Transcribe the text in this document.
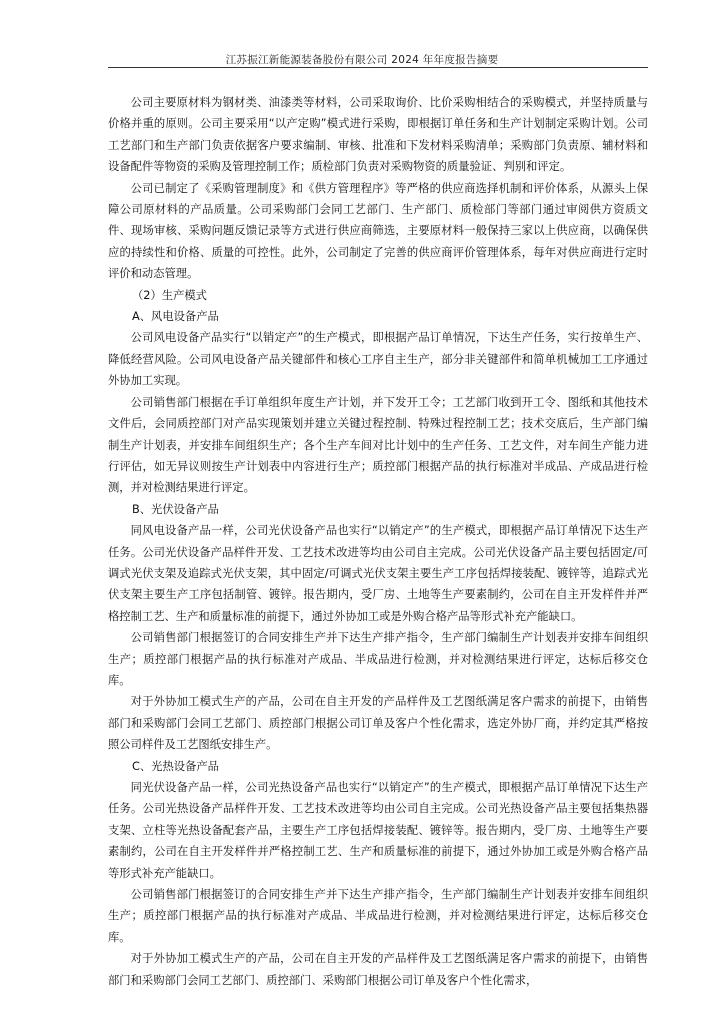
江苏振江新能源装备股份有限公司 2024 年年度报告摘要

公司主要原材料为钢材类、油漆类等材料，公司采取询价、比价采购相结合的采购模式，并坚持质量与价格并重的原则。公司主要采用“以产定购”模式进行采购，即根据订单任务和生产计划制定采购计划。公司工艺部门和生产部门负责依据客户要求编制、审核、批准和下发材料采购清单；采购部门负责原、辅材料和设备配件等物资的采购及管理控制工作；质检部门负责对采购物资的质量验证、判别和评定。

公司已制定了《采购管理制度》和《供方管理程序》等严格的供应商选择机制和评价体系，从源头上保障公司原材料的产品质量。公司采购部门会同工艺部门、生产部门、质检部门等部门通过审阅供方资质文件、现场审核、采购问题反馈记录等方式进行供应商筛选，主要原材料一般保持三家以上供应商，以确保供应的持续性和价格、质量的可控性。此外，公司制定了完善的供应商评价管理体系，每年对供应商进行定时评价和动态管理。

（2）生产模式

A、风电设备产品

公司风电设备产品实行“以销定产”的生产模式，即根据产品订单情况，下达生产任务，实行按单生产、降低经营风险。公司风电设备产品关键部件和核心工序自主生产，部分非关键部件和简单机械加工工序通过外协加工实现。

公司销售部门根据在手订单组织年度生产计划，并下发开工令；工艺部门收到开工令、图纸和其他技术文件后，会同质控部门对产品实现策划并建立关键过程控制、特殊过程控制工艺；技术交底后，生产部门编制生产计划表，并安排车间组织生产；各个生产车间对比计划中的生产任务、工艺文件，对车间生产能力进行评估，如无异议则按生产计划表中内容进行生产；质控部门根据产品的执行标准对半成品、产成品进行检测，并对检测结果进行评定。

B、光伏设备产品

同风电设备产品一样，公司光伏设备产品也实行“以销定产”的生产模式，即根据产品订单情况下达生产任务。公司光伏设备产品样件开发、工艺技术改进等均由公司自主完成。公司光伏设备产品主要包括固定/可调式光伏支架及追踪式光伏支架，其中固定/可调式光伏支架主要生产工序包括焊接装配、镀锌等，追踪式光伏支架主要生产工序包括制管、镀锌。报告期内，受厂房、土地等生产要素制约，公司在自主开发样件并严格控制工艺、生产和质量标准的前提下，通过外协加工或是外购合格产品等形式补充产能缺口。

公司销售部门根据签订的合同安排生产并下达生产排产指令，生产部门编制生产计划表并安排车间组织生产；质控部门根据产品的执行标准对产成品、半成品进行检测，并对检测结果进行评定，达标后移交仓库。

对于外协加工模式生产的产品，公司在自主开发的产品样件及工艺图纸满足客户需求的前提下，由销售部门和采购部门会同工艺部门、质控部门根据公司订单及客户个性化需求，选定外协厂商，并约定其严格按照公司样件及工艺图纸安排生产。

C、光热设备产品

同光伏设备产品一样，公司光热设备产品也实行“以销定产”的生产模式，即根据产品订单情况下达生产任务。公司光热设备产品样件开发、工艺技术改进等均由公司自主完成。公司光热设备产品主要包括集热器支架、立柱等光热设备配套产品，主要生产工序包括焊接装配、镀锌等。报告期内，受厂房、土地等生产要素制约，公司在自主开发样件并严格控制工艺、生产和质量标准的前提下，通过外协加工或是外购合格产品等形式补充产能缺口。

公司销售部门根据签订的合同安排生产并下达生产排产指令，生产部门编制生产计划表并安排车间组织生产；质控部门根据产品的执行标准对产成品、半成品进行检测，并对检测结果进行评定，达标后移交仓库。

对于外协加工模式生产的产品，公司在自主开发的产品样件及工艺图纸满足客户需求的前提下，由销售部门和采购部门会同工艺部门、质控部门、采购部门根据公司订单及客户个性化需求，
